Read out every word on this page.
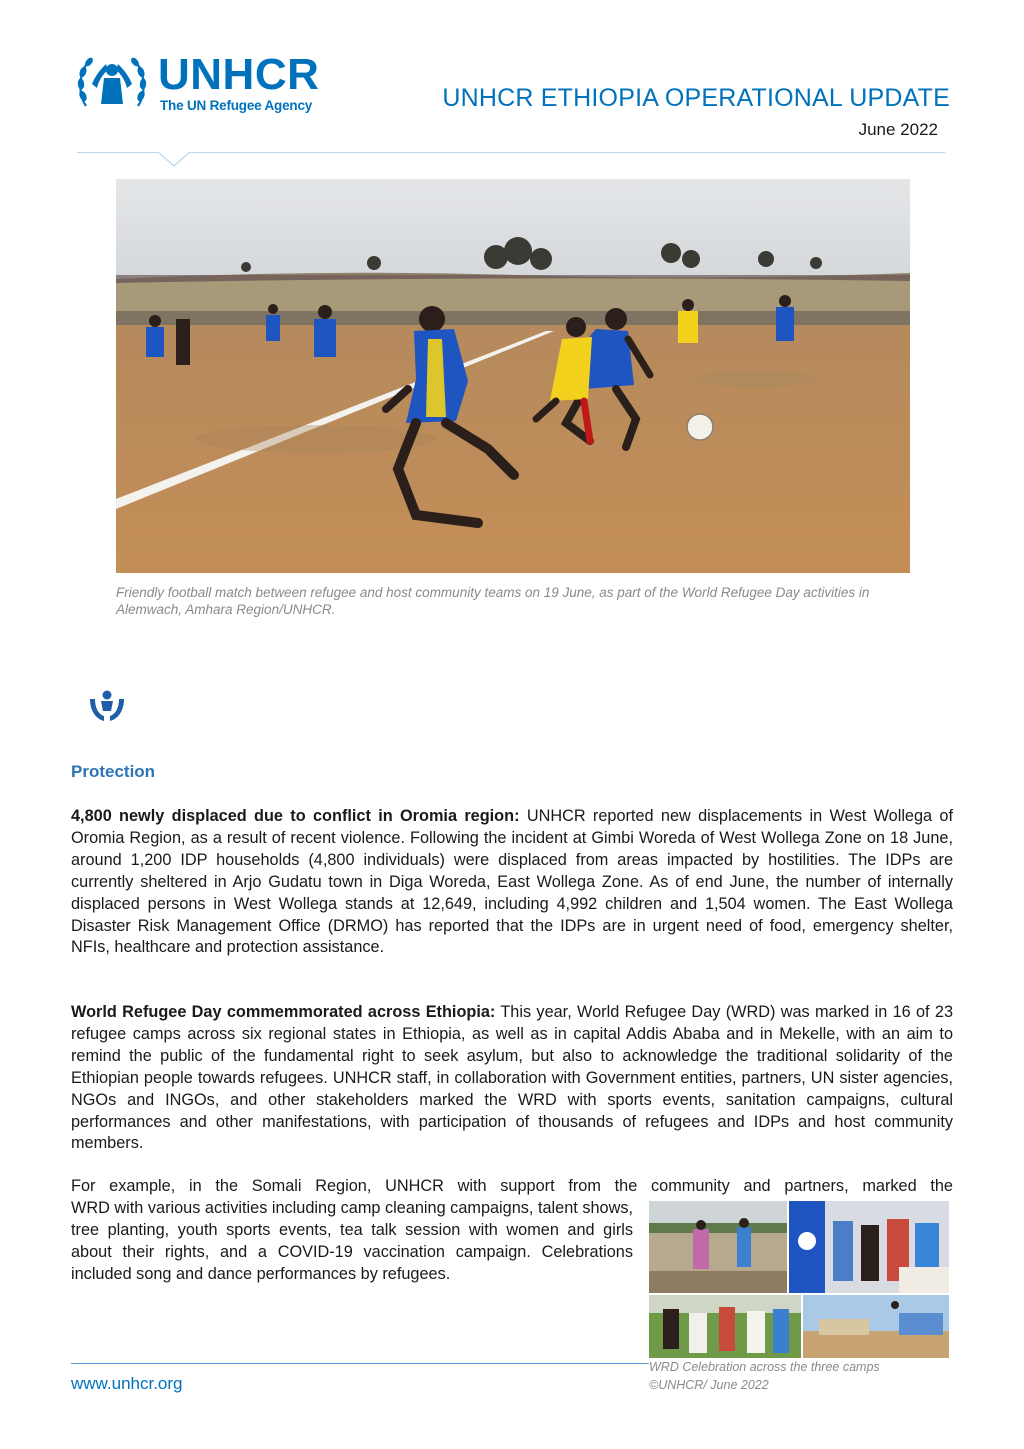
UNHCR
The UN Refugee Agency	UNHCR ETHIOPIA OPERATIONAL UPDATE
June 2022
Friendly football match between refugee and host community teams on 19 June, as part of the World Refugee Day activities in Alemwach, Amhara Region/UNHCR.
Protection

4,800 newly displaced due to conflict in Oromia region: UNHCR reported new displacements in West Wollega of Oromia Region, as a result of recent violence. Following the incident at Gimbi Woreda of West Wollega Zone on 18 June, around 1,200 IDP households (4,800 individuals) were displaced from areas impacted by hostilities. The IDPs are currently sheltered in Arjo Gudatu town in Diga Woreda, East Wollega Zone. As of end June, the number of internally displaced persons in West Wollega stands at 12,649, including 4,992 children and 1,504 women. The East Wollega Disaster Risk Management Office (DRMO) has reported that the IDPs are in urgent need of food, emergency shelter, NFIs, healthcare and protection assistance.

World Refugee Day commemmorated across Ethiopia: This year, World Refugee Day (WRD) was marked in 16 of 23 refugee camps across six regional states in Ethiopia, as well as in capital Addis Ababa and in Mekelle, with an aim to remind the public of the fundamental right to seek asylum, but also to acknowledge the traditional solidarity of the Ethiopian people towards refugees. UNHCR staff, in collaboration with Government entities, partners, UN sister agencies, NGOs and INGOs, and other stakeholders marked the WRD with sports events, sanitation campaigns, cultural performances and other manifestations, with participation of thousands of refugees and IDPs and host community members.

For example, in the Somali Region, UNHCR with support from the community and partners, marked the

WRD with various activities including camp cleaning campaigns, talent shows, tree planting, youth sports events, tea talk session with women and girls about their rights, and a COVID-19 vaccination campaign. Celebrations included song and dance performances by refugees.

WRD Celebration across the three camps
©UNHCR/ June 2022
www.unhcr.org
